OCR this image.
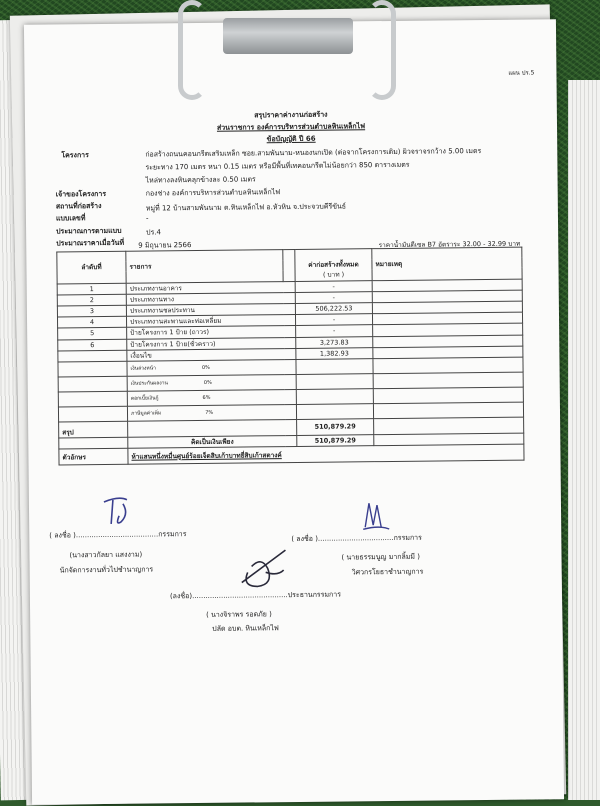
แผน ปร.5
สรุปราคาค่างานก่อสร้าง
ส่วนราชการ องค์การบริหารส่วนตำบลหินเหล็กไฟ
ข้อบัญญัติ ปี 66
โครงการ	ก่อสร้างถนนคอนกรีตเสริมเหล็ก ซอย.สามพันนาม-หนองนกเปิด (ต่อจากโครงการเดิม) ผิวจราจรกว้าง 5.00 เมตร
ระยะทาง 170 เมตร หนา 0.15 เมตร หรือมีพื้นที่เทคอนกรีตไม่น้อยกว่า 850 ตารางเมตร
ไหล่ทางลงหินคลุกข้างละ 0.50 เมตร
เจ้าของโครงการ	กองช่าง องค์การบริหารส่วนตำบลหินเหล็กไฟ
สถานที่ก่อสร้าง	หมู่ที่ 12 บ้านสามพันนาม ต.หินเหล็กไฟ อ.หัวหิน จ.ประจวบคีรีขันธ์
แบบเลขที่	-
ประมาณการตามแบบ	ปร.4
ประมาณราคาเมื่อวันที่ 9 มิถุนายน 2566	ราคาน้ำมันดีเซล B7 อัตราระ 32.00 - 32.99 บาท
ลำดับที่	รายการ			
			ค่าก่อสร้างทั้งหมด	หมายเหตุ
			( บาท )	
1	ประเภทงานอาคาร		-	
2	ประเภทงานทาง		-	
3	ประเภทงานชลประทาน		506,222.53	
4	ประเภทงานสะพานและท่อเหลี่ยม		-	
5	ป้ายโครงการ 1 ป้าย (ถาวร)		-	
6	ป้ายโครงการ 1 ป้าย(ชั่วคราว)		3,273.83	
	เงื่อนไข		1,382.93	
	เงินล่วงหน้า 0%			
	เงินประกันผลงาน 0%			
	ดอกเบี้ยเงินกู้ 6%			
	ภาษีมูลค่าเพิ่ม 7%			
สรุป			510,879.29	
	คิดเป็นเงินเพียง		510,879.29	
ตัวอักษร	ห้าแสนหนึ่งหมื่นศูนย์ร้อยเจ็ดสิบเก้าบาทยี่สิบเก้าสตางค์			
( ลงชื่อ ).....................................กรรมการ
(นางสาวกัลยา แสงงาม)
นักจัดการงานทั่วไปชำนาญการ
( ลงชื่อ )..................................กรรมการ
( นายธรรมนูญ มากลิ้มมี )
วิศวกรโยธาชำนาญการ
(ลงชื่อ)...........................................ประธานกรรมการ
( นางจิราพร รอดภัย )
ปลัด อบต. หินเหล็กไฟ
